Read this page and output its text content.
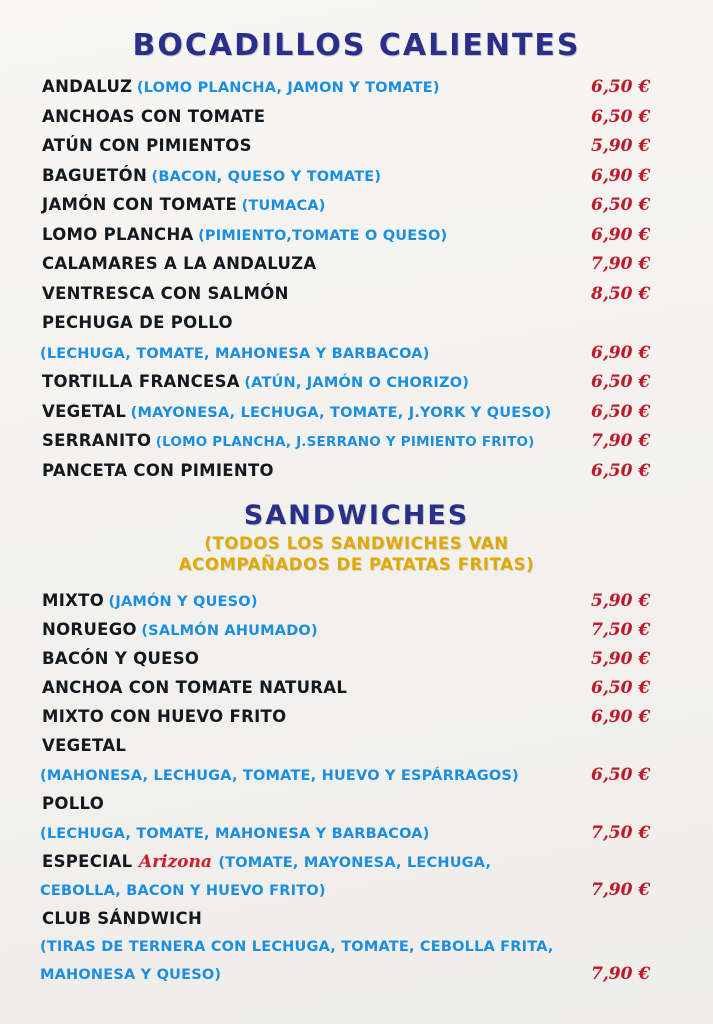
BOCADILLOS CALIENTES
ANDALUZ (LOMO PLANCHA, JAMON Y TOMATE)	6,50 €
ANCHOAS CON TOMATE	6,50 €
ATÚN CON PIMIENTOS	5,90 €
BAGUETÓN (BACON, QUESO Y TOMATE)	6,90 €
JAMÓN CON TOMATE (TUMACA)	6,50 €
LOMO PLANCHA (PIMIENTO,TOMATE O QUESO)	6,90 €
CALAMARES A LA ANDALUZA	7,90 €
VENTRESCA CON SALMÓN	8,50 €
PECHUGA DE POLLO
(LECHUGA, TOMATE, MAHONESA Y BARBACOA)	6,90 €
TORTILLA FRANCESA (ATÚN, JAMÓN O CHORIZO)	6,50 €
VEGETAL (MAYONESA, LECHUGA, TOMATE, J.YORK Y QUESO)	6,50 €
SERRANITO (LOMO PLANCHA, J.SERRANO Y PIMIENTO FRITO)	7,90 €
PANCETA CON PIMIENTO	6,50 €
SANDWICHES
(TODOS LOS SANDWICHES VAN
ACOMPAÑADOS DE PATATAS FRITAS)
MIXTO (JAMÓN Y QUESO)	5,90 €
NORUEGO (SALMÓN AHUMADO)	7,50 €
BACÓN Y QUESO	5,90 €
ANCHOA CON TOMATE NATURAL	6,50 €
MIXTO CON HUEVO FRITO	6,90 €
VEGETAL
(MAHONESA, LECHUGA, TOMATE, HUEVO Y ESPÁRRAGOS)	6,50 €
POLLO
(LECHUGA, TOMATE, MAHONESA Y BARBACOA)	7,50 €
ESPECIAL Arizona (TOMATE, MAYONESA, LECHUGA,
CEBOLLA, BACON Y HUEVO FRITO)	7,90 €
CLUB SÁNDWICH
(TIRAS DE TERNERA CON LECHUGA, TOMATE, CEBOLLA FRITA,
MAHONESA Y QUESO)	7,90 €
